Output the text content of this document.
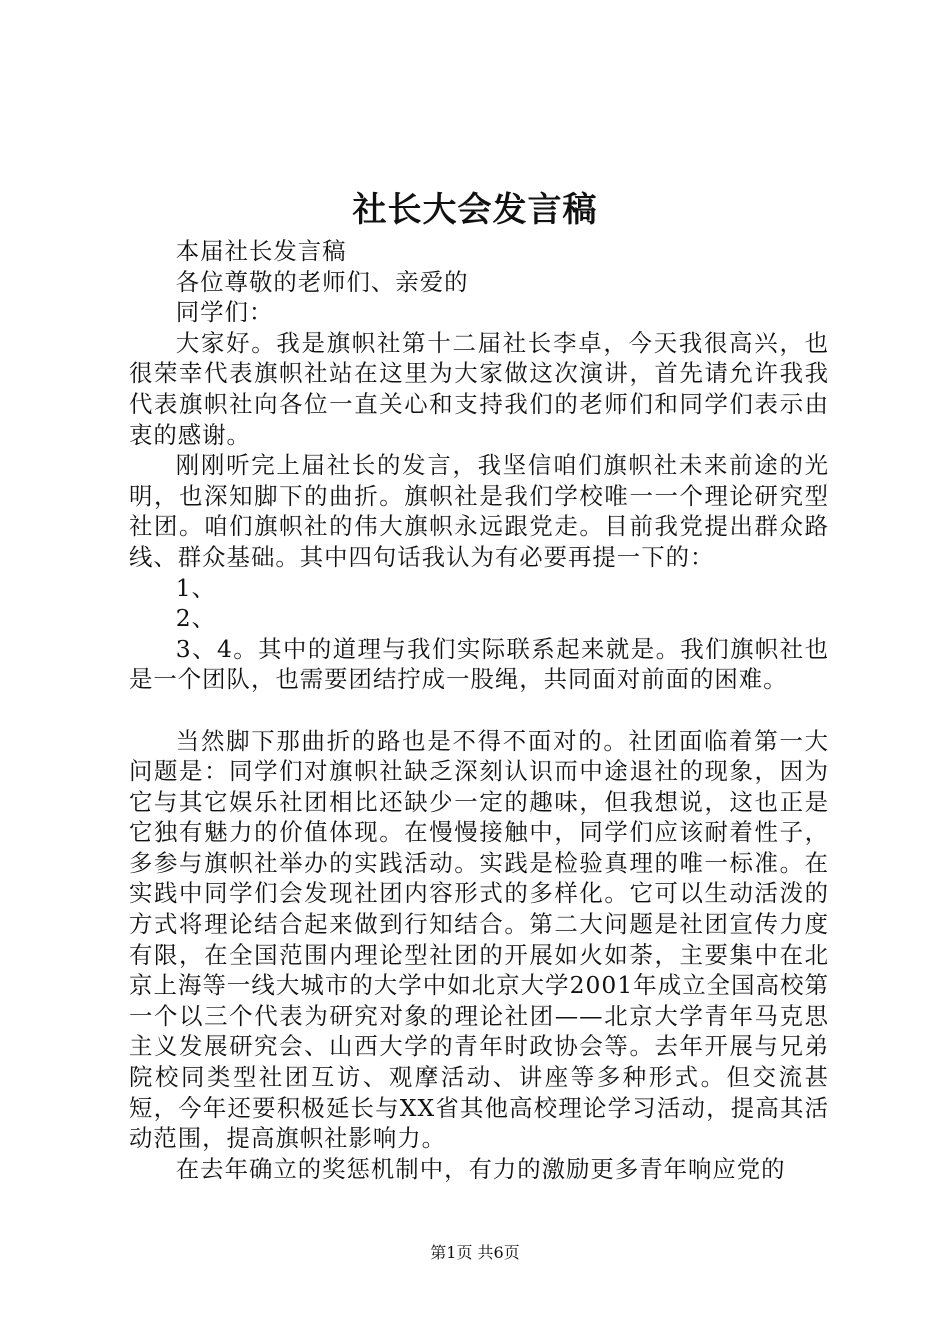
社长大会发言稿

本届社长发言稿

各位尊敬的老师们、亲爱的

同学们：

大家好。我是旗帜社第十二届社长李卓，今天我很高兴，也很荣幸代表旗帜社站在这里为大家做这次演讲，首先请允许我我代表旗帜社向各位一直关心和支持我们的老师们和同学们表示由衷的感谢。

刚刚听完上届社长的发言，我坚信咱们旗帜社未来前途的光明，也深知脚下的曲折。旗帜社是我们学校唯一一个理论研究型社团。咱们旗帜社的伟大旗帜永远跟党走。目前我党提出群众路线、群众基础。其中四句话我认为有必要再提一下的：

1、

2、

3、4。其中的道理与我们实际联系起来就是。我们旗帜社也是一个团队，也需要团结拧成一股绳，共同面对前面的困难。

当然脚下那曲折的路也是不得不面对的。社团面临着第一大问题是：同学们对旗帜社缺乏深刻认识而中途退社的现象，因为它与其它娱乐社团相比还缺少一定的趣味，但我想说，这也正是它独有魅力的价值体现。在慢慢接触中，同学们应该耐着性子，多参与旗帜社举办的实践活动。实践是检验真理的唯一标准。在实践中同学们会发现社团内容形式的多样化。它可以生动活泼的方式将理论结合起来做到行知结合。第二大问题是社团宣传力度有限，在全国范围内理论型社团的开展如火如荼，主要集中在北京上海等一线大城市的大学中如北京大学2001年成立全国高校第一个以三个代表为研究对象的理论社团——北京大学青年马克思主义发展研究会、山西大学的青年时政协会等。去年开展与兄弟院校同类型社团互访、观摩活动、讲座等多种形式。但交流甚短，今年还要积极延长与XX省其他高校理论学习活动，提高其活动范围，提高旗帜社影响力。

在去年确立的奖惩机制中，有力的激励更多青年响应党的

第1页 共6页
